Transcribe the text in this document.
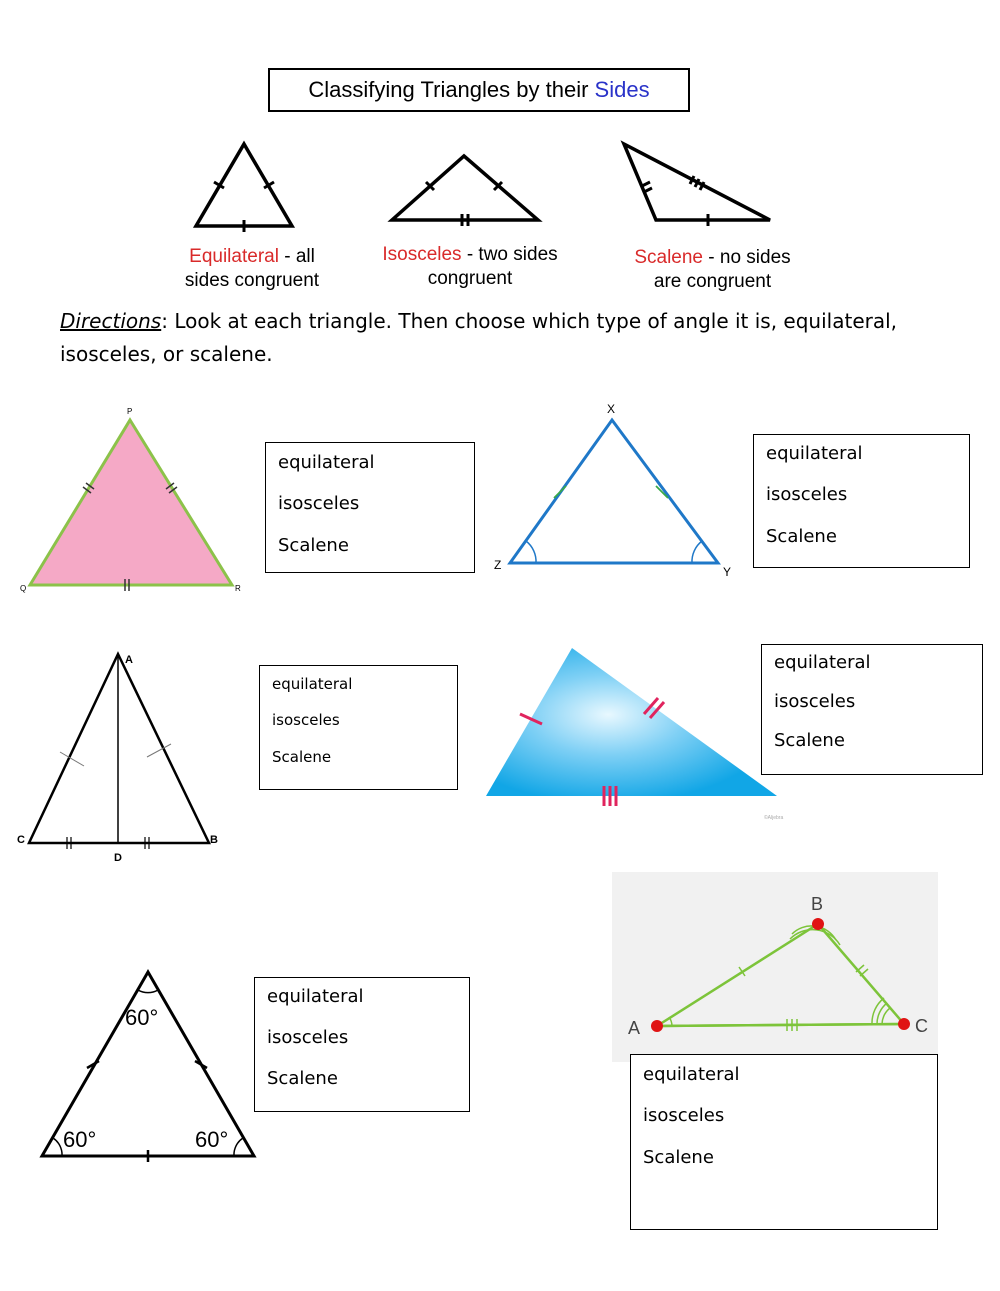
Classifying Triangles by their Sides
Equilateral - all
sides congruent
Isosceles - two sides
congruent
Scalene - no sides
are congruent
Directions: Look at each triangle. Then choose which type of angle it is, equilateral, isosceles, or scalene.
P
Q	R
X
Y
Z
A
C	B
D
©Aljebra
60°
60°	60°
B
A	C
equilateral
isosceles
Scalene
equilateral
isosceles
Scalene
equilateral
isosceles
Scalene
equilateral
isosceles
Scalene
equilateral
isosceles
Scalene	equilateral
isosceles
Scalene
